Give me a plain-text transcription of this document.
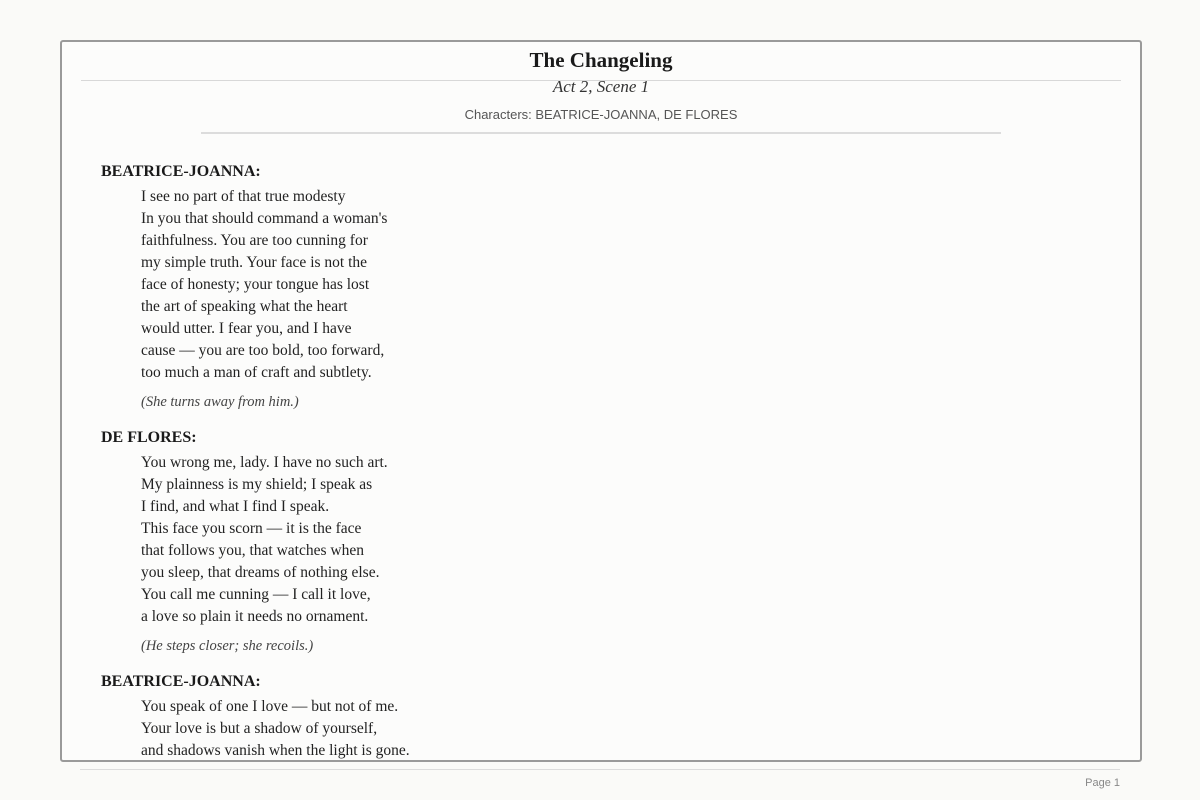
The Changeling
Act 2, Scene 1
Characters: BEATRICE-JOANNA, DE FLORES

BEATRICE-JOANNA:

I see no part of that true modesty
In you that should command a woman's
faithfulness. You are too cunning for
my simple truth. Your face is not the
face of honesty; your tongue has lost
the art of speaking what the heart
would utter. I fear you, and I have
cause — you are too bold, too forward,
too much a man of craft and subtlety.
(She turns away from him.)

DE FLORES:

You wrong me, lady. I have no such art.
My plainness is my shield; I speak as
I find, and what I find I speak.
This face you scorn — it is the face
that follows you, that watches when
you sleep, that dreams of nothing else.
You call me cunning — I call it love,
a love so plain it needs no ornament.
(He steps closer; she recoils.)

BEATRICE-JOANNA:

You speak of one I love — but not of me.
Your love is but a shadow of yourself,
and shadows vanish when the light is gone.
Page 1
